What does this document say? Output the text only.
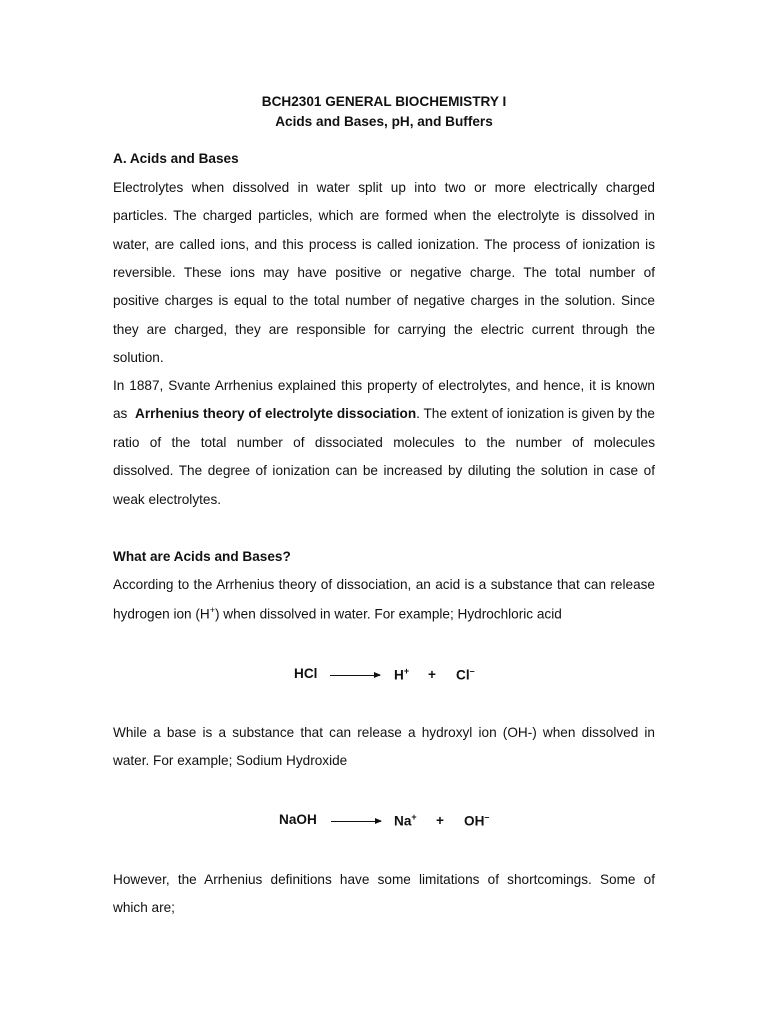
BCH2301 GENERAL BIOCHEMISTRY I
Acids and Bases, pH, and Buffers
A. Acids and Bases
Electrolytes when dissolved in water split up into two or more electrically charged
particles. The charged particles, which are formed when the electrolyte is dissolved in
water, are called ions, and this process is called ionization. The process of ionization is
reversible. These ions may have positive or negative charge. The total number of
positive charges is equal to the total number of negative charges in the solution. Since
they are charged, they are responsible for carrying the electric current through the
solution.
In 1887, Svante Arrhenius explained this property of electrolytes, and hence, it is known
as  Arrhenius theory of electrolyte dissociation. The extent of ionization is given by the
ratio of the total number of dissociated molecules to the number of molecules
dissolved. The degree of ionization can be increased by diluting the solution in case of
weak electrolytes.
What are Acids and Bases?
According to the Arrhenius theory of dissociation, an acid is a substance that can release
hydrogen ion (H+) when dissolved in water. For example; Hydrochloric acid
HCl	H+ + Cl–
While a base is a substance that can release a hydroxyl ion (OH-) when dissolved in
water. For example; Sodium Hydroxide
NaOH	Na+ + OH–
However, the Arrhenius definitions have some limitations of shortcomings. Some of
which are;
